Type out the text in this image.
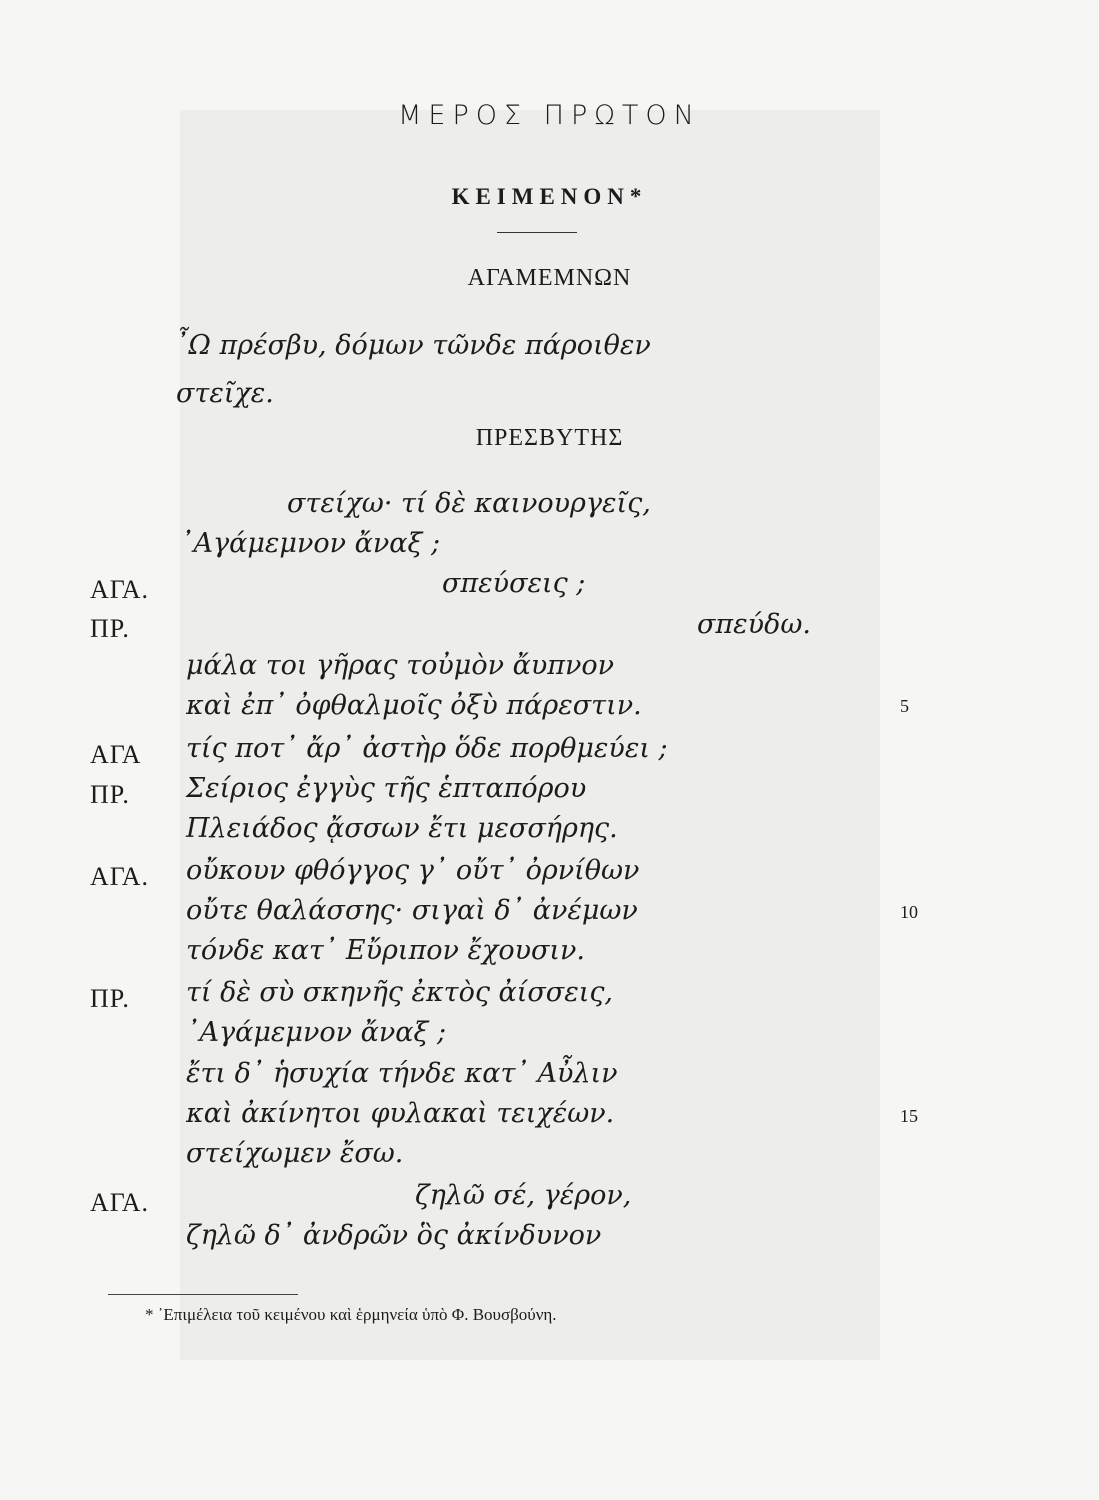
ΜΕΡΟΣ ΠΡΩΤΟΝ
ΚΕΙΜΕΝΟΝ*
ΑΓΑΜΕΜΝΩΝ
῏Ω πρέσβυ, δόμων τῶνδε πάροιθεν
στεῖχε.
ΠΡΕΣΒΥΤΗΣ
στείχω· τί δὲ καινουργεῖς,
᾿Αγάμεμνον ἄναξ ;
ΑΓΑ.	σπεύσεις ;
ΠΡ.	σπεύδω.
μάλα τοι γῆρας τοὐμὸν ἄυπνον
καὶ ἐπ᾿ ὀφθαλμοῖς ὀξὺ πάρεστιν.	5
ΑΓΑ τίς ποτ᾿ ἄρ᾿ ἀστὴρ ὅδε πορθμεύει ;
ΠΡ. Σείριος ἐγγὺς τῆς ἑπταπόρου
Πλειάδος ᾄσσων ἔτι μεσσήρης.
ΑΓΑ. οὔκουν φθόγγος γ᾿ οὔτ᾿ ὀρνίθων
οὔτε θαλάσσης· σιγαὶ δ᾿ ἀνέμων	10
τόνδε κατ᾿ Εὔριπον ἔχουσιν.
ΠΡ. τί δὲ σὺ σκηνῆς ἐκτὸς ἀίσσεις,
᾿Αγάμεμνον ἄναξ ;
ἔτι δ᾿ ἡσυχία τήνδε κατ᾿ Αὖλιν
καὶ ἀκίνητοι φυλακαὶ τειχέων.	15
στείχωμεν ἔσω.
ΑΓΑ.	ζηλῶ σέ, γέρον,
ζηλῶ δ᾿ ἀνδρῶν ὃς ἀκίνδυνον
* ᾿Επιμέλεια τοῦ κειμένου καὶ ἑρμηνεία ὑπὸ Φ. Βουσβούνη.
